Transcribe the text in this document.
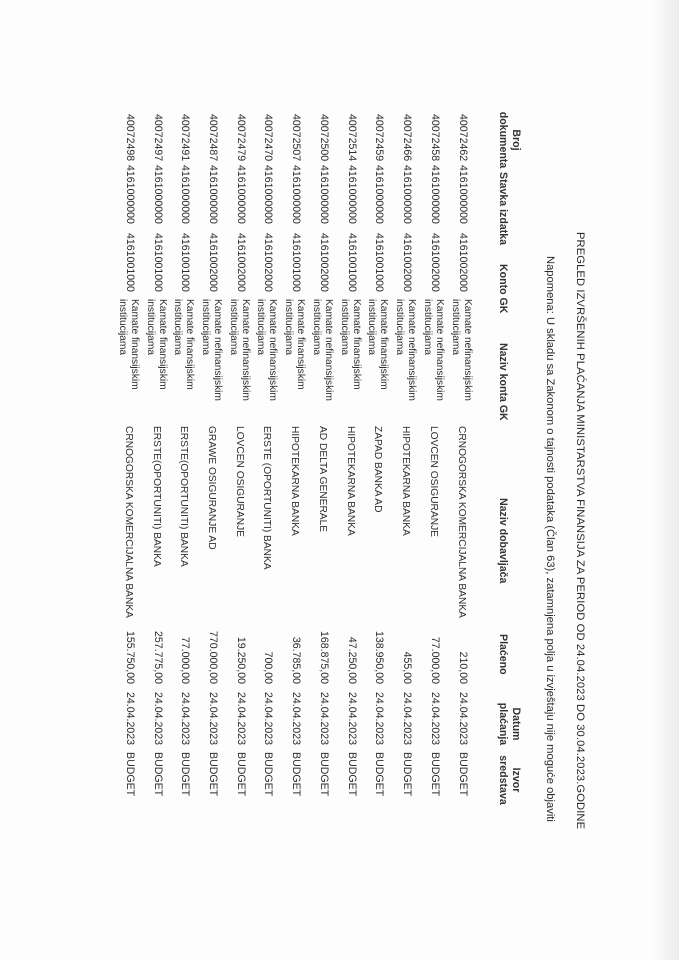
PREGLED IZVRŠENIH PLAĆANJA MINISTARSTVA FINANSIJA ZA PERIOD OD 24.04.2023 DO 30.04.2023.GODINE
Napomena: U skladu sa Zakonom o tajnosti podataka (Član 63), zatamnjena polja u izvještaju nije moguće objaviti
Broj
dokumenta
Stavka izdatka
Konto GK
Naziv konta GK
Naziv dobavljača
Plaćeno
Datum
plaćanja
Izvor
sredstava
40072462
4161000000
4161002000
Kamate nefinansijskim
institucijama
CRNOGORSKA KOMERCIJALNA BANKA
210,00
24.04.2023
BUDGET
40072458
4161000000
4161002000
Kamate nefinansijskim
institucijama
LOVCEN OSIGURANJE
77.000,00
24.04.2023
BUDGET
40072466
4161000000
4161002000
Kamate nefinansijskim
institucijama
HIPOTEKARNA BANKA
455,00
24.04.2023
BUDGET
40072459
4161000000
4161001000
Kamate finansijskim
institucijama
ZAPAD BANKA AD
138.950,00
24.04.2023
BUDGET
40072514
4161000000
4161001000
Kamate finansijskim
institucijama
HIPOTEKARNA BANKA
47.250,00
24.04.2023
BUDGET
40072500
4161000000
4161002000
Kamate nefinansijskim
institucijama
AD DELTA GENERALE
168.875,00
24.04.2023
BUDGET
40072507
4161000000
4161001000
Kamate finansijskim
institucijama
HIPOTEKARNA BANKA
36.785,00
24.04.2023
BUDGET
40072470
4161000000
4161002000
Kamate nefinansijskim
institucijama
ERSTE (OPORTUNITI) BANKA
700,00
24.04.2023
BUDGET
40072479
4161000000
4161002000
Kamate nefinansijskim
institucijama
LOVCEN OSIGURANJE
19.250,00
24.04.2023
BUDGET
40072487
4161000000
4161002000
Kamate nefinansijskim
institucijama
GRAWE OSIGURANJE AD
770.000,00
24.04.2023
BUDGET
40072491
4161000000
4161001000
Kamate finansijskim
institucijama
ERSTE(OPORTUNITI) BANKA
77.000,00
24.04.2023
BUDGET
40072497
4161000000
4161001000
Kamate finansijskim
institucijama
ERSTE(OPORTUNITI) BANKA
257.775,00
24.04.2023
BUDGET
40072498
4161000000
4161001000
Kamate finansijskim
institucijama
CRNOGORSKA KOMERCIJALNA BANKA
155.750,00
24.04.2023
BUDGET
